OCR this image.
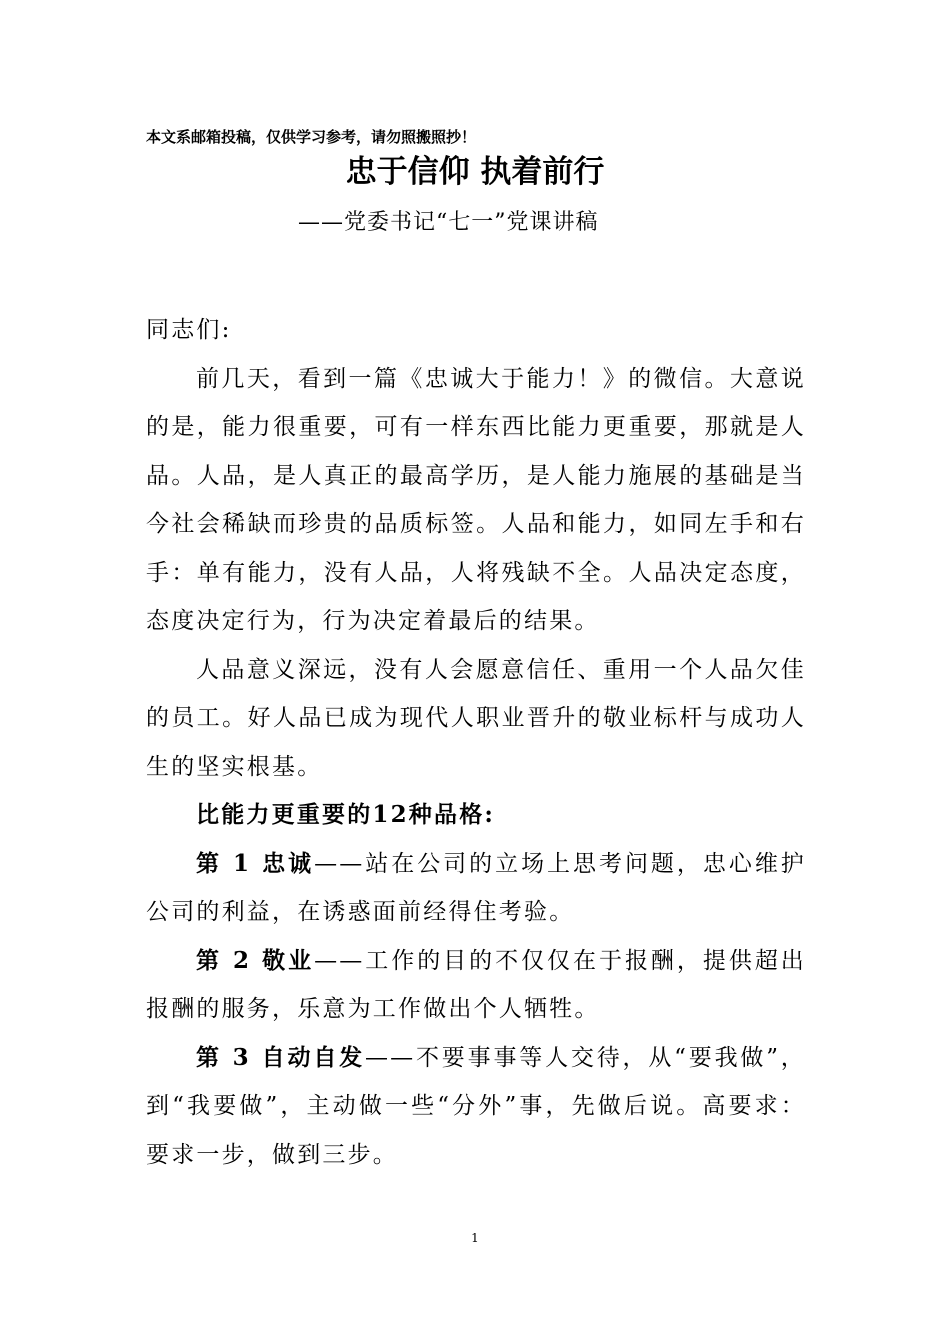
本文系邮箱投稿，仅供学习参考，请勿照搬照抄！
忠于信仰 执着前行
——党委书记“七一”党课讲稿

同志们:

前几天，看到一篇《忠诚大于能力！》的微信。大意说的是，能力很重要，可有一样东西比能力更重要，那就是人品。人品，是人真正的最高学历，是人能力施展的基础是当今社会稀缺而珍贵的品质标签。人品和能力，如同左手和右手：单有能力，没有人品，人将残缺不全。人品决定态度，态度决定行为，行为决定着最后的结果。

人品意义深远，没有人会愿意信任、重用一个人品欠佳的员工。好人品已成为现代人职业晋升的敬业标杆与成功人生的坚实根基。

比能力更重要的12种品格:

第 1 忠诚——站在公司的立场上思考问题，忠心维护公司的利益，在诱惑面前经得住考验。

第 2 敬业——工作的目的不仅仅在于报酬，提供超出报酬的服务，乐意为工作做出个人牺牲。

第 3 自动自发——不要事事等人交待，从“要我做”，到“我要做”，主动做一些“分外”事，先做后说。高要求：要求一步，做到三步。

1
